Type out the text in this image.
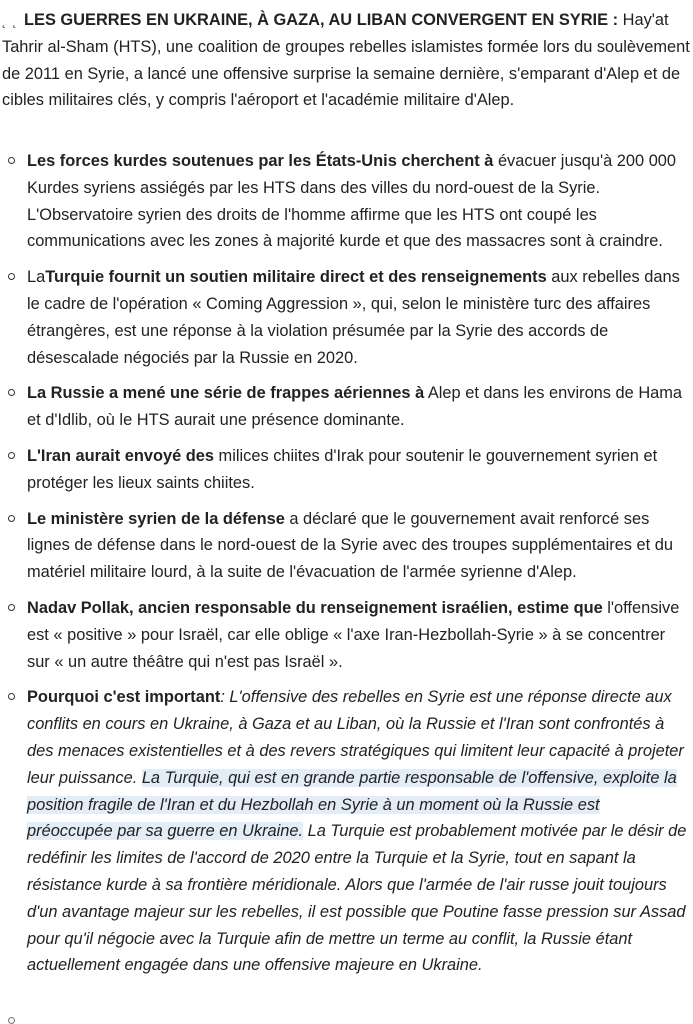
˛ ˛ LES GUERRES EN UKRAINE, À GAZA, AU LIBAN CONVERGENT EN SYRIE : Hay'at Tahrir al-Sham (HTS), une coalition de groupes rebelles islamistes formée lors du soulèvement de 2011 en Syrie, a lancé une offensive surprise la semaine dernière, s'emparant d'Alep et de cibles militaires clés, y compris l'aéroport et l'académie militaire d'Alep.

Les forces kurdes soutenues par les États-Unis cherchent à évacuer jusqu'à 200 000 Kurdes syriens assiégés par les HTS dans des villes du nord-ouest de la Syrie. L'Observatoire syrien des droits de l'homme affirme que les HTS ont coupé les communications avec les zones à majorité kurde et que des massacres sont à craindre.
LaTurquie fournit un soutien militaire direct et des renseignements aux rebelles dans le cadre de l'opération « Coming Aggression », qui, selon le ministère turc des affaires étrangères, est une réponse à la violation présumée par la Syrie des accords de désescalade négociés par la Russie en 2020.
La Russie a mené une série de frappes aériennes à Alep et dans les environs de Hama et d'Idlib, où le HTS aurait une présence dominante.
L'Iran aurait envoyé des milices chiites d'Irak pour soutenir le gouvernement syrien et protéger les lieux saints chiites.
Le ministère syrien de la défense a déclaré que le gouvernement avait renforcé ses lignes de défense dans le nord-ouest de la Syrie avec des troupes supplémentaires et du matériel militaire lourd, à la suite de l'évacuation de l'armée syrienne d'Alep.
Nadav Pollak, ancien responsable du renseignement israélien, estime que l'offensive est « positive » pour Israël, car elle oblige « l'axe Iran-Hezbollah-Syrie » à se concentrer sur « un autre théâtre qui n'est pas Israël ».
Pourquoi c'est important: L'offensive des rebelles en Syrie est une réponse directe aux conflits en cours en Ukraine, à Gaza et au Liban, où la Russie et l'Iran sont confrontés à des menaces existentielles et à des revers stratégiques qui limitent leur capacité à projeter leur puissance. La Turquie, qui est en grande partie responsable de l'offensive, exploite la position fragile de l'Iran et du Hezbollah en Syrie à un moment où la Russie est préoccupée par sa guerre en Ukraine. La Turquie est probablement motivée par le désir de redéfinir les limites de l'accord de 2020 entre la Turquie et la Syrie, tout en sapant la résistance kurde à sa frontière méridionale. Alors que l'armée de l'air russe jouit toujours d'un avantage majeur sur les rebelles, il est possible que Poutine fasse pression sur Assad pour qu'il négocie avec la Turquie afin de mettre un terme au conflit, la Russie étant actuellement engagée dans une offensive majeure en Ukraine.
